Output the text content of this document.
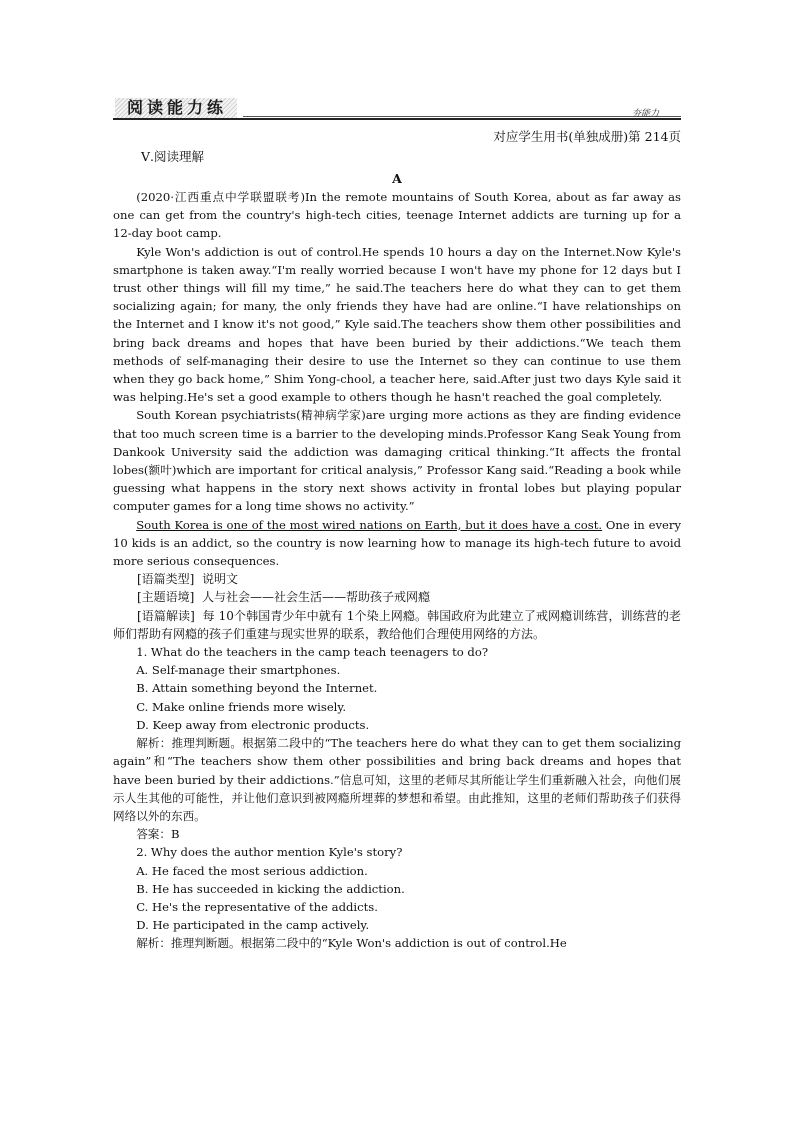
阅读能力练	夯能力
对应学生用书(单独成册)第 214页
Ⅴ.阅读理解
A

(2020·江西重点中学联盟联考)In the remote mountains of South Korea, about as far away as one can get from the country's high-tech cities, teenage Internet addicts are turning up for a 12-day boot camp.

Kyle Won's addiction is out of control.He spends 10 hours a day on the Internet.Now Kyle's smartphone is taken away.“I'm really worried because I won't have my phone for 12 days but I trust other things will fill my time,” he said.The teachers here do what they can to get them socializing again; for many, the only friends they have had are online.“I have relationships on the Internet and I know it's not good,” Kyle said.The teachers show them other possibilities and bring back dreams and hopes that have been buried by their addictions.“We teach them methods of self-managing their desire to use the Internet so they can continue to use them when they go back home,” Shim Yong-chool, a teacher here, said.After just two days Kyle said it was helping.He's set a good example to others though he hasn't reached the goal completely.

South Korean psychiatrists(精神病学家)are urging more actions as they are finding evidence that too much screen time is a barrier to the developing minds.Professor Kang Seak Young from Dankook University said the addiction was damaging critical thinking.“It affects the frontal lobes(额叶)which are important for critical analysis,” Professor Kang said.“Reading a book while guessing what happens in the story next shows activity in frontal lobes but playing popular computer games for a long time shows no activity.”

South Korea is one of the most wired nations on Earth, but it does have a cost. One in every 10 kids is an addict, so the country is now learning how to manage its high-tech future to avoid more serious consequences.

[语篇类型] 说明文
[主题语境] 人与社会——社会生活——帮助孩子戒网瘾

[语篇解读] 每 10个韩国青少年中就有 1个染上网瘾。韩国政府为此建立了戒网瘾训练营，训练营的老师们帮助有网瘾的孩子们重建与现实世界的联系，教给他们合理使用网络的方法。

1. What do the teachers in the camp teach teenagers to do?
A. Self-manage their smartphones.
B. Attain something beyond the Internet.
C. Make online friends more wisely.
D. Keep away from electronic products.

解析：推理判断题。根据第二段中的“The teachers here do what they can to get them socializing again”和“The teachers show them other possibilities and bring back dreams and hopes that have been buried by their addictions.”信息可知，这里的老师尽其所能让学生们重新融入社会，向他们展示人生其他的可能性，并让他们意识到被网瘾所埋葬的梦想和希望。由此推知，这里的老师们帮助孩子们获得网络以外的东西。

答案：B
2. Why does the author mention Kyle's story?
A. He faced the most serious addiction.
B. He has succeeded in kicking the addiction.
C. He's the representative of the addicts.
D. He participated in the camp actively.

解析：推理判断题。根据第二段中的“Kyle Won's addiction is out of control.He
